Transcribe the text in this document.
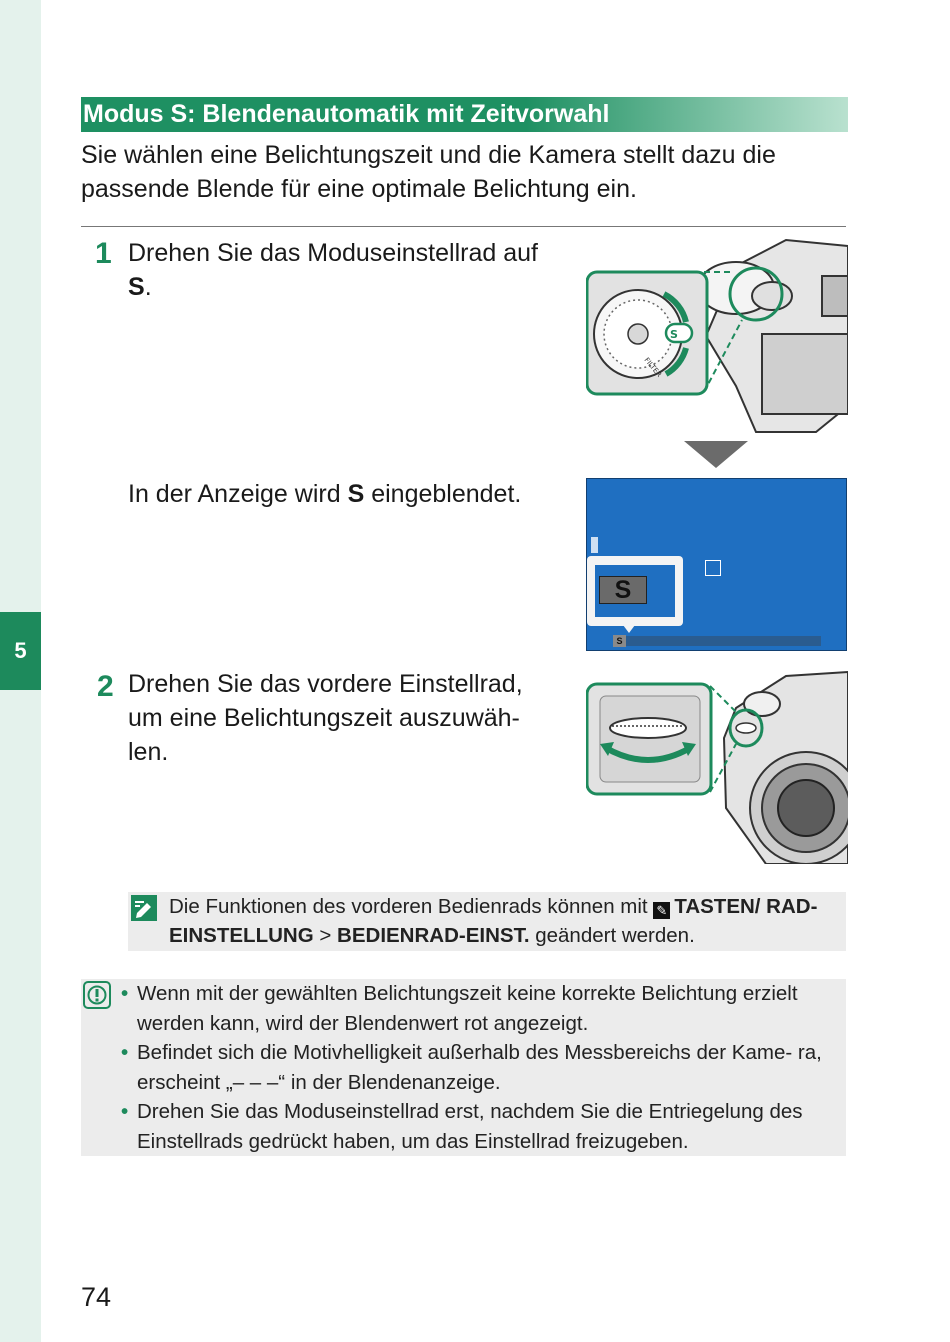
5
Modus S: Blendenautomatik mit Zeitvorwahl

Sie wählen eine Belichtungszeit und die Kamera stellt dazu die passende Blende für eine optimale Belichtung ein.

1 Drehen Sie das Moduseinstellrad auf S.

S
FILTER

In der Anzeige wird S eingeblendet.

S
S
2 Drehen Sie das vordere Einstellrad, um eine Belichtungszeit auszuwäh- len.

Die Funktionen des vorderen Bedienrads können mit ✎ TASTEN/ RAD-EINSTELLUNG > BEDIENRAD-EINST. geändert werden.

• Wenn mit der gewählten Belichtungszeit keine korrekte Belichtung erzielt werden kann, wird der Blendenwert rot angezeigt.
• Befindet sich die Motivhelligkeit außerhalb des Messbereichs der Kame- ra, erscheint „– – –“ in der Blendenanzeige.
• Drehen Sie das Moduseinstellrad erst, nachdem Sie die Entriegelung des Einstellrads gedrückt haben, um das Einstellrad freizugeben.
74
